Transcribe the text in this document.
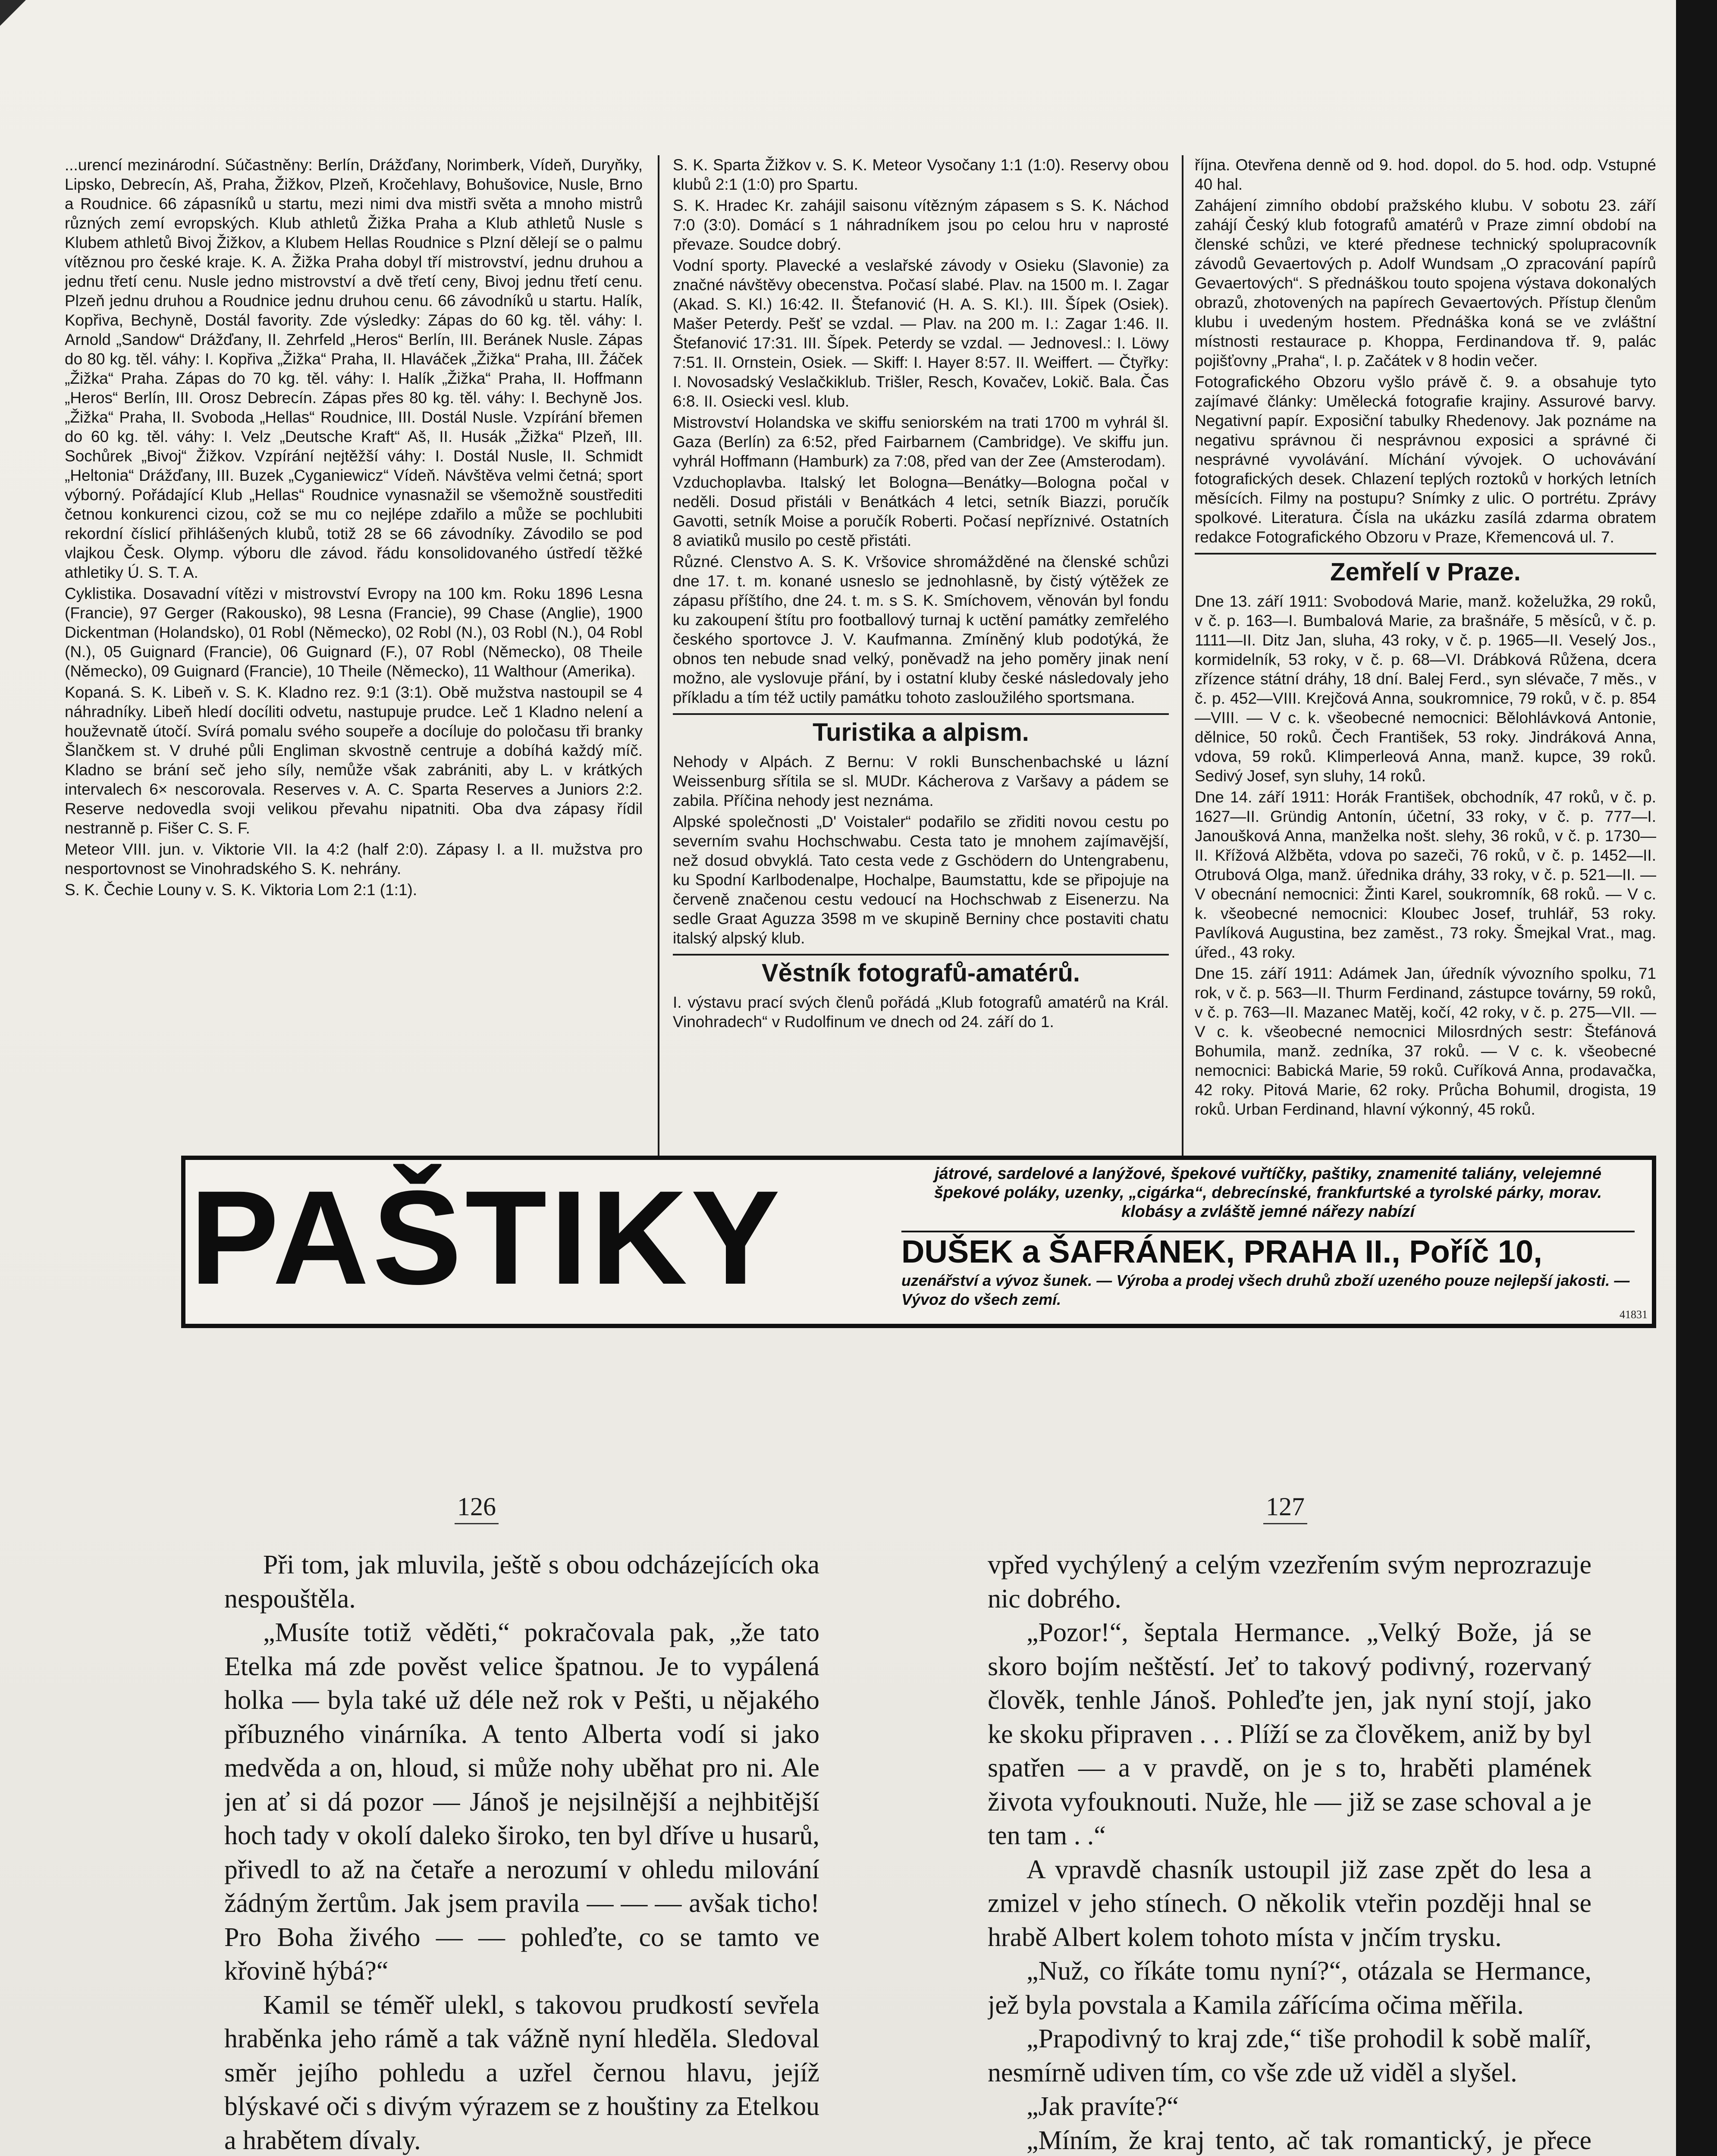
...urencí mezinárodní. Súčastněny: Berlín, Drážďany, Norimberk, Vídeň, Duryňky, Lipsko, Debrecín, Aš, Praha, Žižkov, Plzeň, Kročehlavy, Bohušovice, Nusle, Brno a Roudnice. 66 zápasníků u startu, mezi nimi dva mistři světa a mnoho mistrů různých zemí evropských. Klub athletů Žižka Praha a Klub athletů Nusle s Klubem athletů Bivoj Žižkov, a Klubem Hellas Roudnice s Plzní dělejí se o palmu vítěznou pro české kraje. K. A. Žižka Praha dobyl tří mistrovství, jednu druhou a jednu třetí cenu. Nusle jedno mistrovství a dvě třetí ceny, Bivoj jednu třetí cenu. Plzeň jednu druhou a Roudnice jednu druhou cenu. 66 závodníků u startu. Halík, Kopřiva, Bechyně, Dostál favority. Zde výsledky: Zápas do 60 kg. těl. váhy: I. Arnold „Sandow“ Drážďany, II. Zehrfeld „Heros“ Berlín, III. Beránek Nusle. Zápas do 80 kg. těl. váhy: I. Kopřiva „Žižka“ Praha, II. Hlaváček „Žižka“ Praha, III. Žáček „Žižka“ Praha. Zápas do 70 kg. těl. váhy: I. Halík „Žižka“ Praha, II. Hoffmann „Heros“ Berlín, III. Orosz Debrecín. Zápas přes 80 kg. těl. váhy: I. Bechyně Jos. „Žižka“ Praha, II. Svoboda „Hellas“ Roudnice, III. Dostál Nusle. Vzpírání břemen do 60 kg. těl. váhy: I. Velz „Deutsche Kraft“ Aš, II. Husák „Žižka“ Plzeň, III. Sochůrek „Bivoj“ Žižkov. Vzpírání nejtěžší váhy: I. Dostál Nusle, II. Schmidt „Heltonia“ Drážďany, III. Buzek „Cyganiewicz“ Vídeň. Návštěva velmi četná; sport výborný. Pořádající Klub „Hellas“ Roudnice vynasnažil se všemožně soustřediti četnou konkurenci cizou, což se mu co nejlépe zdařilo a může se pochlubiti rekordní číslicí přihlášených klubů, totiž 28 se 66 závodníky. Závodilo se pod vlajkou Česk. Olymp. výboru dle závod. řádu konsolidovaného ústředí těžké athletiky Ú. S. T. A.

Cyklistika. Dosavadní vítězi v mistrovství Evropy na 100 km. Roku 1896 Lesna (Francie), 97 Gerger (Rakousko), 98 Lesna (Francie), 99 Chase (Anglie), 1900 Dickentman (Holandsko), 01 Robl (Německo), 02 Robl (N.), 03 Robl (N.), 04 Robl (N.), 05 Guignard (Francie), 06 Guignard (F.), 07 Robl (Německo), 08 Theile (Německo), 09 Guignard (Francie), 10 Theile (Německo), 11 Walthour (Amerika).

Kopaná. S. K. Libeň v. S. K. Kladno rez. 9:1 (3:1). Obě mužstva nastoupil se 4 náhradníky. Libeň hledí docíliti odvetu, nastupuje prudce. Leč 1 Kladno nelení a houževnatě útočí. Svírá pomalu svého soupeře a docíluje do poločasu tři branky Šlančkem st. V druhé půli Engliman skvostně centruje a dobíhá každý míč. Kladno se brání seč jeho síly, nemůže však zabrániti, aby L. v krátkých intervalech 6× nescorovala. Reserves v. A. C. Sparta Reserves a Juniors 2:2. Reserve nedovedla svoji velikou převahu nipatniti. Oba dva zápasy řídil nestranně p. Fišer C. S. F.

Meteor VIII. jun. v. Viktorie VII. Ia 4:2 (half 2:0). Zápasy I. a II. mužstva pro nesportovnost se Vinohradského S. K. nehrány.

S. K. Čechie Louny v. S. K. Viktoria Lom 2:1 (1:1).

S. K. Sparta Žižkov v. S. K. Meteor Vysočany 1:1 (1:0). Reservy obou klubů 2:1 (1:0) pro Spartu.

S. K. Hradec Kr. zahájil saisonu vítězným zápasem s S. K. Náchod 7:0 (3:0). Domácí s 1 náhradníkem jsou po celou hru v naprosté převaze. Soudce dobrý.

Vodní sporty. Plavecké a veslařské závody v Osieku (Slavonie) za značné návštěvy obecenstva. Počasí slabé. Plav. na 1500 m. I. Zagar (Akad. S. Kl.) 16:42. II. Štefanović (H. A. S. Kl.). III. Šípek (Osiek). Mašer Peterdy. Pešť se vzdal. — Plav. na 200 m. I.: Zagar 1:46. II. Štefanović 17:31. III. Šípek. Peterdy se vzdal. — Jednovesl.: I. Löwy 7:51. II. Ornstein, Osiek. — Skiff: I. Hayer 8:57. II. Weiffert. — Čtyřky: I. Novosadský Veslačkiklub. Trišler, Resch, Kovačev, Lokič. Bala. Čas 6:8. II. Osiecki vesl. klub.

Mistrovství Holandska ve skiffu seniorském na trati 1700 m vyhrál šl. Gaza (Berlín) za 6:52, před Fairbarnem (Cambridge). Ve skiffu jun. vyhrál Hoffmann (Hamburk) za 7:08, před van der Zee (Amsterodam).

Vzduchoplavba. Italský let Bologna—Benátky—Bologna počal v neděli. Dosud přistáli v Benátkách 4 letci, setník Biazzi, poručík Gavotti, setník Moise a poručík Roberti. Počasí nepříznivé. Ostatních 8 aviatiků musilo po cestě přistáti.

Různé. Clenstvo A. S. K. Vršovice shromážděné na členské schůzi dne 17. t. m. konané usneslo se jednohlasně, by čistý výtěžek ze zápasu příštího, dne 24. t. m. s S. K. Smíchovem, věnován byl fondu ku zakoupení štítu pro footballový turnaj k uctění památky zemřelého českého sportovce J. V. Kaufmanna. Zmíněný klub podotýká, že obnos ten nebude snad velký, poněvadž na jeho poměry jinak není možno, ale vyslovuje přání, by i ostatní kluby české následovaly jeho příkladu a tím též uctily památku tohoto zasloužilého sportsmana.

Turistika a alpism.

Nehody v Alpách. Z Bernu: V rokli Bunschenbachské u lázní Weissenburg sřítila se sl. MUDr. Kácherova z Varšavy a pádem se zabila. Příčina nehody jest neznáma.

Alpské společnosti „D' Voistaler“ podařilo se zřiditi novou cestu po severním svahu Hochschwabu. Cesta tato je mnohem zajímavější, než dosud obvyklá. Tato cesta vede z Gschödern do Untengrabenu, ku Spodní Karlbodenalpe, Hochalpe, Baumstattu, kde se připojuje na červeně značenou cestu vedoucí na Hochschwab z Eisenerzu. Na sedle Graat Aguzza 3598 m ve skupině Berniny chce postaviti chatu italský alpský klub.

Věstník fotografů-amatérů.

I. výstavu prací svých členů pořádá „Klub fotografů amatérů na Král. Vinohradech“ v Rudolfinum ve dnech od 24. září do 1.

října. Otevřena denně od 9. hod. dopol. do 5. hod. odp. Vstupné 40 hal.

Zahájení zimního období pražského klubu. V sobotu 23. září zahájí Český klub fotografů amatérů v Praze zimní období na členské schůzi, ve které přednese technický spolupracovník závodů Gevaertových p. Adolf Wundsam „O zpracování papírů Gevaertových“. S přednáškou touto spojena výstava dokonalých obrazů, zhotovených na papírech Gevaertových. Přístup členům klubu i uvedeným hostem. Přednáška koná se ve zvláštní místnosti restaurace p. Khoppa, Ferdinandova tř. 9, palác pojišťovny „Praha“, I. p. Začátek v 8 hodin večer.

Fotografického Obzoru vyšlo právě č. 9. a obsahuje tyto zajímavé články: Umělecká fotografie krajiny. Assurové barvy. Negativní papír. Exposiční tabulky Rhedenovy. Jak poznáme na negativu správnou či nesprávnou exposici a správné či nesprávné vyvolávání. Míchání vývojek. O uchovávání fotografických desek. Chlazení teplých roztoků v horkých letních měsících. Filmy na postupu? Snímky z ulic. O portrétu. Zprávy spolkové. Literatura. Čísla na ukázku zasílá zdarma obratem redakce Fotografického Obzoru v Praze, Křemencová ul. 7.

Zemřelí v Praze.

Dne 13. září 1911: Svobodová Marie, manž. koželužka, 29 roků, v č. p. 163—I. Bumbalová Marie, za brašnáře, 5 měsíců, v č. p. 1111—II. Ditz Jan, sluha, 43 roky, v č. p. 1965—II. Veselý Jos., kormidelník, 53 roky, v č. p. 68—VI. Drábková Růžena, dcera zřízence státní dráhy, 18 dní. Balej Ferd., syn slévače, 7 měs., v č. p. 452—VIII. Krejčová Anna, soukromnice, 79 roků, v č. p. 854—VIII. — V c. k. všeobecné nemocnici: Bělohlávková Antonie, dělnice, 50 roků. Čech František, 53 roky. Jindráková Anna, vdova, 59 roků. Klimperleová Anna, manž. kupce, 39 roků. Sedivý Josef, syn sluhy, 14 roků.

Dne 14. září 1911: Horák František, obchodník, 47 roků, v č. p. 1627—II. Gründig Antonín, účetní, 33 roky, v č. p. 777—I. Janoušková Anna, manželka nošt. slehy, 36 roků, v č. p. 1730—II. Křížová Alžběta, vdova po sazeči, 76 roků, v č. p. 1452—II. Otrubová Olga, manž. úřednika dráhy, 33 roky, v č. p. 521—II. — V obecnání nemocnici: Žinti Karel, soukromník, 68 roků. — V c. k. všeobecné nemocnici: Kloubec Josef, truhlář, 53 roky. Pavlíková Augustina, bez zaměst., 73 roky. Šmejkal Vrat., mag. úřed., 43 roky.

Dne 15. září 1911: Adámek Jan, úředník vývozního spolku, 71 rok, v č. p. 563—II. Thurm Ferdinand, zástupce továrny, 59 roků, v č. p. 763—II. Mazanec Matěj, kočí, 42 roky, v č. p. 275—VII. — V c. k. všeobecné nemocnici Milosrdných sestr: Štefánová Bohumila, manž. zedníka, 37 roků. — V c. k. všeobecné nemocnici: Babická Marie, 59 roků. Cuříková Anna, prodavačka, 42 roky. Pitová Marie, 62 roky. Průcha Bohumil, drogista, 19 roků. Urban Ferdinand, hlavní výkonný, 45 roků.

PAŠTIKY	játrové, sardelové a lanýžové, špekové vuřtíčky, paštiky, znamenité taliány, velejemné špekové poláky, uzenky, „cigárka“, debrecínské, frankfurtské a tyrolské párky, morav. klobásy a zvláště jemné nářezy nabízí
DUŠEK a ŠAFRÁNEK, PRAHA II., Poříč 10,
uzenářství a vývoz šunek. — Výroba a prodej všech druhů zboží uzeného pouze nejlepší jakosti. — Vývoz do všech zemí.
41831
126	127

Při tom, jak mluvila, ještě s obou odcházejících oka nespouštěla.

„Musíte totiž věděti,“ pokračovala pak, „že tato Etelka má zde pověst velice špatnou. Je to vypálená holka — byla také už déle než rok v Pešti, u nějakého příbuzného vinárníka. A tento Alberta vodí si jako medvěda a on, hloud, si může nohy uběhat pro ni. Ale jen ať si dá pozor — Jánoš je nejsilnější a nejhbitější hoch tady v okolí daleko široko, ten byl dříve u husarů, přivedl to až na četaře a nerozumí v ohledu milování žádným žertům. Jak jsem pravila — — — avšak ticho! Pro Boha živého — — pohleďte, co se tamto ve křovině hýbá?“

Kamil se téměř ulekl, s takovou prudkostí sevřela hraběnka jeho rámě a tak vážně nyní hleděla. Sledoval směr jejího pohledu a uzřel černou hlavu, jejíž blýskavé oči s divým výrazem se z houštiny za Etelkou a hrabětem dívaly.

vpřed vychýlený a celým vzezřením svým neprozrazuje nic dobrého.

„Pozor!“, šeptala Hermance. „Velký Bože, já se skoro bojím neštěstí. Jeť to takový podivný, rozervaný člověk, tenhle Jánoš. Pohleďte jen, jak nyní stojí, jako ke skoku připraven . . . Plíží se za člověkem, aniž by byl spatřen — a v pravdě, on je s to, hraběti plamének života vyfouknouti. Nuže, hle — již se zase schoval a je ten tam . .“

A vpravdě chasník ustoupil již zase zpět do lesa a zmizel v jeho stínech. O několik vteřin později hnal se hrabě Albert kolem tohoto místa v jnčím trysku.

„Nuž, co říkáte tomu nyní?“, otázala se Hermance, jež byla povstala a Kamila zářícíma očima měřila.

„Prapodivný to kraj zde,“ tiše prohodil k sobě malíř, nesmírně udiven tím, co vše zde už viděl a slyšel.

„Jak pravíte?“

„Míním, že kraj tento, ač tak romantický, je přece
